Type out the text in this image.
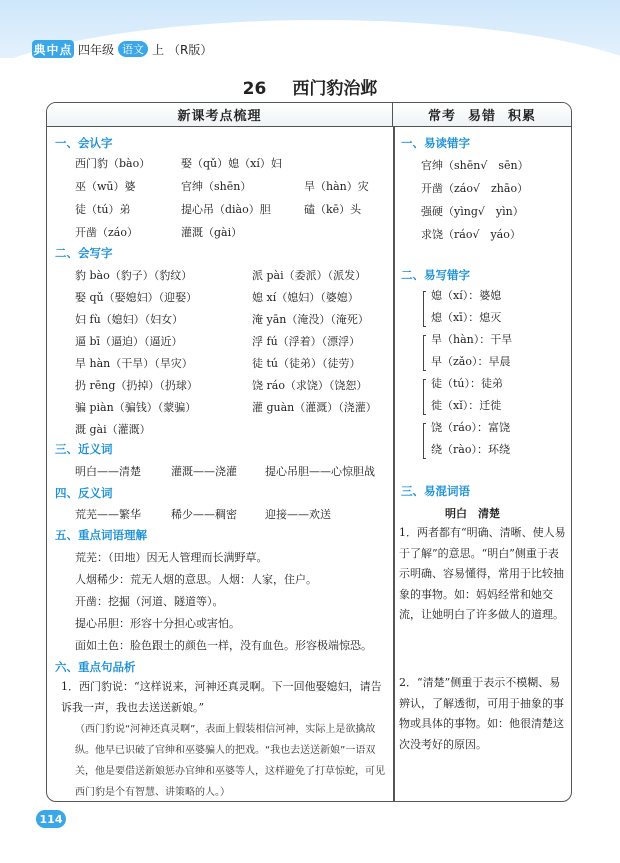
典中点 四年级 语文 上 （R版）
26 西门豹治邺
新课考点梳理	常考 易错 积累
一、会认字
西门豹（bào）	娶（qǔ）媳（xí）妇
巫（wū）婆	官绅（shēn）	旱（hàn）灾
徒（tú）弟	提心吊（diào）胆	磕（kē）头
开凿（záo）	灌溉（gài）
二、会写字
豹 bào（豹子）（豹纹）	派 pài（委派）（派发）
娶 qǔ（娶媳妇）（迎娶）	媳 xí（媳妇）（婆媳）
妇 fù（媳妇）（妇女）	淹 yān（淹没）（淹死）
逼 bī（逼迫）（逼近）	浮 fú（浮着）（漂浮）
旱 hàn（干旱）（旱灾）	徒 tú（徒弟）（徒劳）
扔 rēng（扔掉）（扔球）	饶 ráo（求饶）（饶恕）
骗 piàn（骗钱）（蒙骗）	灌 guàn（灌溉）（浇灌）
溉 gài（灌溉）
三、近义词
明白——清楚	灌溉——浇灌	提心吊胆——心惊胆战
四、反义词
荒芜——繁华	稀少——稠密	迎接——欢送
五、重点词语理解
荒芜：（田地）因无人管理而长满野草。
人烟稀少：荒无人烟的意思。人烟：人家，住户。
开凿：挖掘（河道、隧道等）。
提心吊胆：形容十分担心或害怕。
面如土色：脸色跟土的颜色一样，没有血色。形容极端惊恐。
六、重点句品析
1．西门豹说：“这样说来，河神还真灵啊。下一回他娶媳妇，请告诉我一声，我也去送送新娘。”
（西门豹说“河神还真灵啊”，表面上假装相信河神，实际上是欲擒故纵。他早已识破了官绅和巫婆骗人的把戏。“我也去送送新娘”一语双关，他是要借送新娘惩办官绅和巫婆等人，这样避免了打草惊蛇，可见西门豹是个有智慧、讲策略的人。）
一、易读错字
官绅（shēn√　 sēn）
开凿（záo√　 zhāo）
强硬（yìng√　 yìn）
求饶（ráo√　 yáo）
二、易写错字
媳（xí）：婆媳
熄（xī）：熄灭
旱（hàn）：干旱
早（zǎo）：早晨
徒（tú）：徒弟
徙（xǐ）：迁徙
饶（ráo）：富饶
绕（rào）：环绕
三、易混词语
明白　清楚
1．两者都有“明确、清晰、使人易于了解”的意思。“明白”侧重于表示明确、容易懂得，常用于比较抽象的事物。如：妈妈经常和她交流，让她明白了许多做人的道理。
2．“清楚”侧重于表示不模糊、易辨认，了解透彻，可用于抽象的事物或具体的事物。如：他很清楚这次没考好的原因。
114
